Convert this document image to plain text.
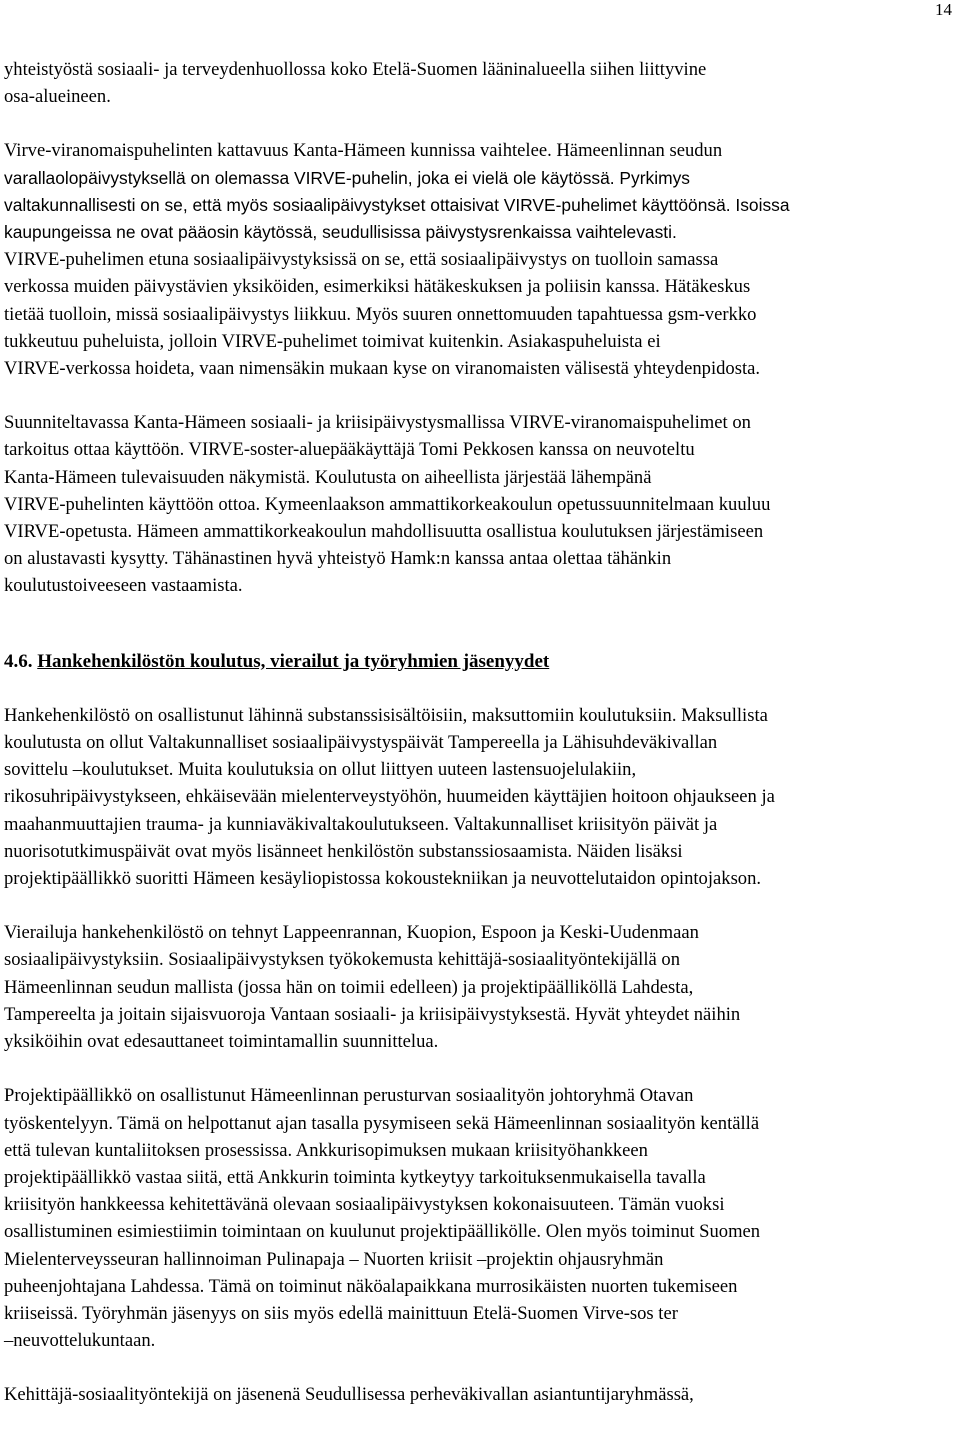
14

yhteistyöstä sosiaali- ja terveydenhuollossa koko Etelä-Suomen lääninalueella siihen liittyvine
osa-alueineen.

Virve-viranomaispuhelinten kattavuus Kanta-Hämeen kunnissa vaihtelee. Hämeenlinnan seudun
varallaolopäivystyksellä on olemassa VIRVE-puhelin, joka ei vielä ole käytössä. Pyrkimys
valtakunnallisesti on se, että myös sosiaalipäivystykset ottaisivat VIRVE-puhelimet käyttöönsä. Isoissa
kaupungeissa ne ovat pääosin käytössä, seudullisissa päivystysrenkaissa vaihtelevasti.
VIRVE-puhelimen etuna sosiaalipäivystyksissä on se, että sosiaalipäivystys on tuolloin samassa
verkossa muiden päivystävien yksiköiden, esimerkiksi hätäkeskuksen ja poliisin kanssa. Hätäkeskus
tietää tuolloin, missä sosiaalipäivystys liikkuu. Myös suuren onnettomuuden tapahtuessa gsm-verkko
tukkeutuu puheluista, jolloin VIRVE-puhelimet toimivat kuitenkin. Asiakaspuheluista ei
VIRVE-verkossa hoideta, vaan nimensäkin mukaan kyse on viranomaisten välisestä yhteydenpidosta.

Suunniteltavassa Kanta-Hämeen sosiaali- ja kriisipäivystysmallissa VIRVE-viranomaispuhelimet on
tarkoitus ottaa käyttöön. VIRVE-soster-aluepääkäyttäjä Tomi Pekkosen kanssa on neuvoteltu
Kanta-Hämeen tulevaisuuden näkymistä. Koulutusta on aiheellista järjestää lähempänä
VIRVE-puhelinten käyttöön ottoa. Kymeenlaakson ammattikorkeakoulun opetussuunnitelmaan kuuluu
VIRVE-opetusta. Hämeen ammattikorkeakoulun mahdollisuutta osallistua koulutuksen järjestämiseen
on alustavasti kysytty. Tähänastinen hyvä yhteistyö Hamk:n kanssa antaa olettaa tähänkin
koulutustoiveeseen vastaamista.

4.6. Hankehenkilöstön koulutus, vierailut ja työryhmien jäsenyydet

Hankehenkilöstö on osallistunut lähinnä substanssisisältöisiin, maksuttomiin koulutuksiin. Maksullista
koulutusta on ollut Valtakunnalliset sosiaalipäivystyspäivät Tampereella ja Lähisuhdeväkivallan
sovittelu –koulutukset. Muita koulutuksia on ollut liittyen uuteen lastensuojelulakiin,
rikosuhripäivystykseen, ehkäisevään mielenterveystyöhön, huumeiden käyttäjien hoitoon ohjaukseen ja
maahanmuuttajien trauma- ja kunniaväkivaltakoulutukseen. Valtakunnalliset kriisityön päivät ja
nuorisotutkimuspäivät ovat myös lisänneet henkilöstön substanssiosaamista. Näiden lisäksi
projektipäällikkö suoritti Hämeen kesäyliopistossa kokoustekniikan ja neuvottelutaidon opintojakson.

Vierailuja hankehenkilöstö on tehnyt Lappeenrannan, Kuopion, Espoon ja Keski-Uudenmaan
sosiaalipäivystyksiin. Sosiaalipäivystyksen työkokemusta kehittäjä-sosiaalityöntekijällä on
Hämeenlinnan seudun mallista (jossa hän on toimii edelleen) ja projektipäälliköllä Lahdesta,
Tampereelta ja joitain sijaisvuoroja Vantaan sosiaali- ja kriisipäivystyksestä. Hyvät yhteydet näihin
yksiköihin ovat edesauttaneet toimintamallin suunnittelua.

Projektipäällikkö on osallistunut Hämeenlinnan perusturvan sosiaalityön johtoryhmä Otavan
työskentelyyn. Tämä on helpottanut ajan tasalla pysymiseen sekä Hämeenlinnan sosiaalityön kentällä
että tulevan kuntaliitoksen prosessissa. Ankkurisopimuksen mukaan kriisityöhankkeen
projektipäällikkö vastaa siitä, että Ankkurin toiminta kytkeytyy tarkoituksenmukaisella tavalla
kriisityön hankkeessa kehitettävänä olevaan sosiaalipäivystyksen kokonaisuuteen. Tämän vuoksi
osallistuminen esimiestiimin toimintaan on kuulunut projektipäällikölle. Olen myös toiminut Suomen
Mielenterveysseuran hallinnoiman Pulinapaja – Nuorten kriisit –projektin ohjausryhmän
puheenjohtajana Lahdessa. Tämä on toiminut näköalapaikkana murrosikäisten nuorten tukemiseen
kriiseissä. Työryhmän jäsenyys on siis myös edellä mainittuun Etelä-Suomen Virve-sos ter
–neuvottelukuntaan.

Kehittäjä-sosiaalityöntekijä on jäsenenä Seudullisessa perheväkivallan asiantuntijaryhmässä,
